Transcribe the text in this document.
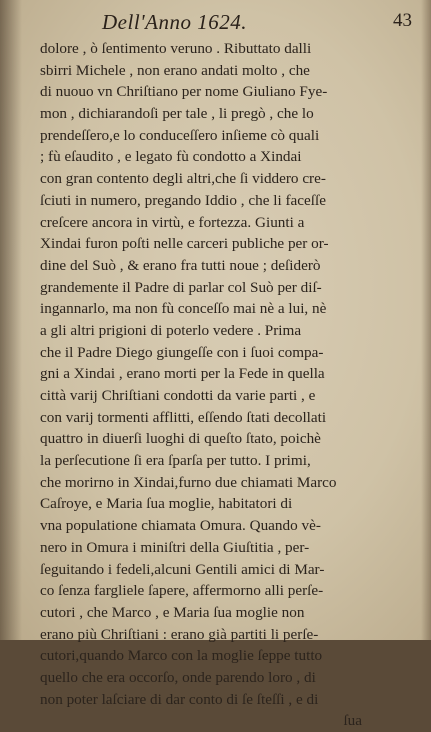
Dell'Anno 1624.	43
dolore , ò ſentimento veruno . Ributtato dalli
sbirri Michele , non erano andati molto , che
di nuouo vn Chriſtiano per nome Giuliano Fye-
mon , dichiarandoſi per tale , li pregò , che lo
prendeſſero,e lo conduceſſero inſieme cò quali
; fù eſaudito , e legato fù condotto a Xindai
con gran contento degli altri,che ſi viddero cre-
ſciuti in numero, pregando Iddio , che li faceſſe
creſcere ancora in virtù, e fortezza. Giunti a
Xindai furon poſti nelle carceri publiche per or-
dine del Suò , & erano fra tutti noue ; deſiderò
grandemente il Padre di parlar col Suò per diſ-
ingannarlo, ma non fù conceſſo mai nè a lui, nè
a gli altri prigioni di poterlo vedere . Prima
che il Padre Diego giungeſſe con i ſuoi compa-
gni a Xindai , erano morti per la Fede in quella
città varij Chriſtiani condotti da varie parti , e
con varij tormenti afflitti, eſſendo ſtati decollati
quattro in diuerſi luoghi di queſto ſtato, poichè
la perſecutione ſi era ſparſa per tutto. I primi,
che morirno in Xindai,furno due chiamati Marco
Caſroye, e Maria ſua moglie, habitatori di
vna populatione chiamata Omura. Quando vè-
nero in Omura i miniſtri della Giuſtitia , per-
ſeguitando i fedeli,alcuni Gentili amici di Mar-
co ſenza fargliele ſapere, affermorno alli perſe-
cutori , che Marco , e Maria ſua moglie non
erano più Chriſtiani : erano già partiti li perſe-
cutori,quando Marco con la moglie ſeppe tutto
quello che era occorſo, onde parendo loro , di
non poter laſciare di dar conto di ſe ſteſſi , e di
ſua
